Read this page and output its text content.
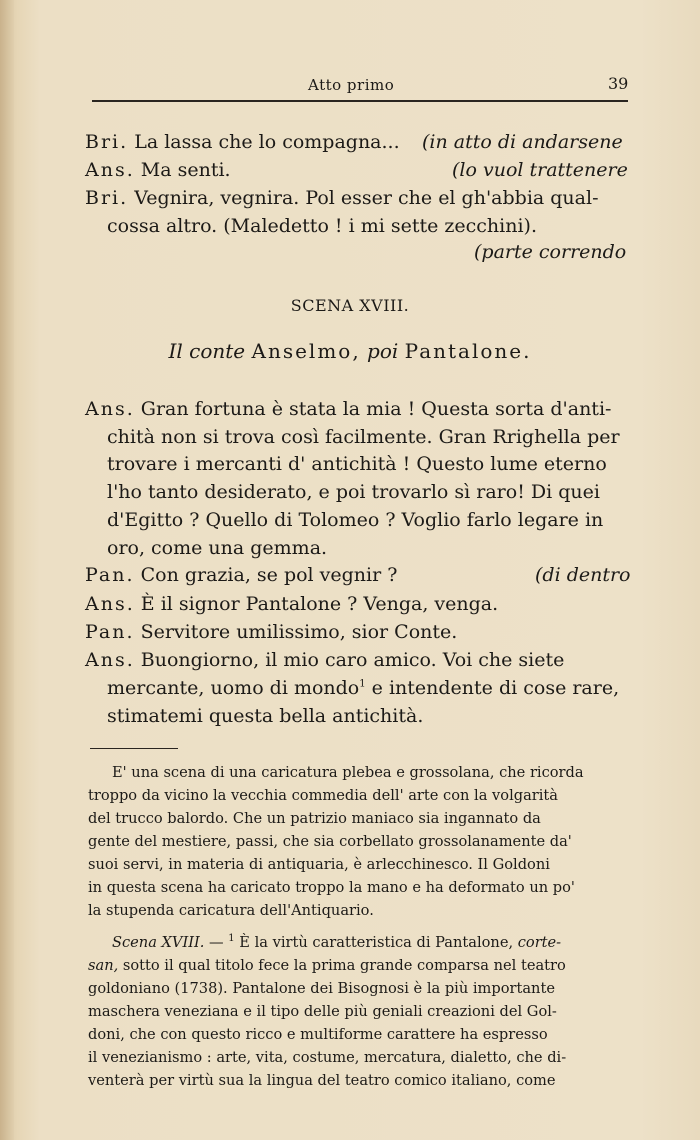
Atto primo	39
Bri. La lassa che lo compagna... (in atto di andarsene
Ans. Ma senti.	(lo vuol trattenere
Bri. Vegnira, vegnira. Pol esser che el gh'abbia qual-
cossa altro. (Maledetto ! i mi sette zecchini).
(parte correndo
SCENA XVIII.
Il conte Anselmo, poi Pantalone.
Ans. Gran fortuna è stata la mia ! Questa sorta d'anti-
chità non si trova così facilmente. Gran Rrighella per
trovare i mercanti d' antichità ! Questo lume eterno
l'ho tanto desiderato, e poi trovarlo sì raro! Di quei
d'Egitto ? Quello di Tolomeo ? Voglio farlo legare in
oro, come una gemma.
Pan. Con grazia, se pol vegnir ?	(di dentro
Ans. È il signor Pantalone ? Venga, venga.
Pan. Servitore umilissimo, sior Conte.
Ans. Buongiorno, il mio caro amico. Voi che siete
mercante, uomo di mondo$^1$ e intendente di cose rare,
stimatemi questa bella antichità.
E' una scena di una caricatura plebea e grossolana, che ricorda
troppo da vicino la vecchia commedia dell' arte con la volgarità
del trucco balordo. Che un patrizio maniaco sia ingannato da
gente del mestiere, passi, che sia corbellato grossolanamente da'
suoi servi, in materia di antiquaria, è arlecchinesco. Il Goldoni
in questa scena ha caricato troppo la mano e ha deformato un po'
la stupenda caricatura dell'Antiquario.
Scena XVIII. — $^1$ È la virtù caratteristica di Pantalone, corte-
san, sotto il qual titolo fece la prima grande comparsa nel teatro
goldoniano (1738). Pantalone dei Bisognosi è la più importante
maschera veneziana e il tipo delle più geniali creazioni del Gol-
doni, che con questo ricco e multiforme carattere ha espresso
il venezianismo : arte, vita, costume, mercatura, dialetto, che di-
venterà per virtù sua la lingua del teatro comico italiano, come
